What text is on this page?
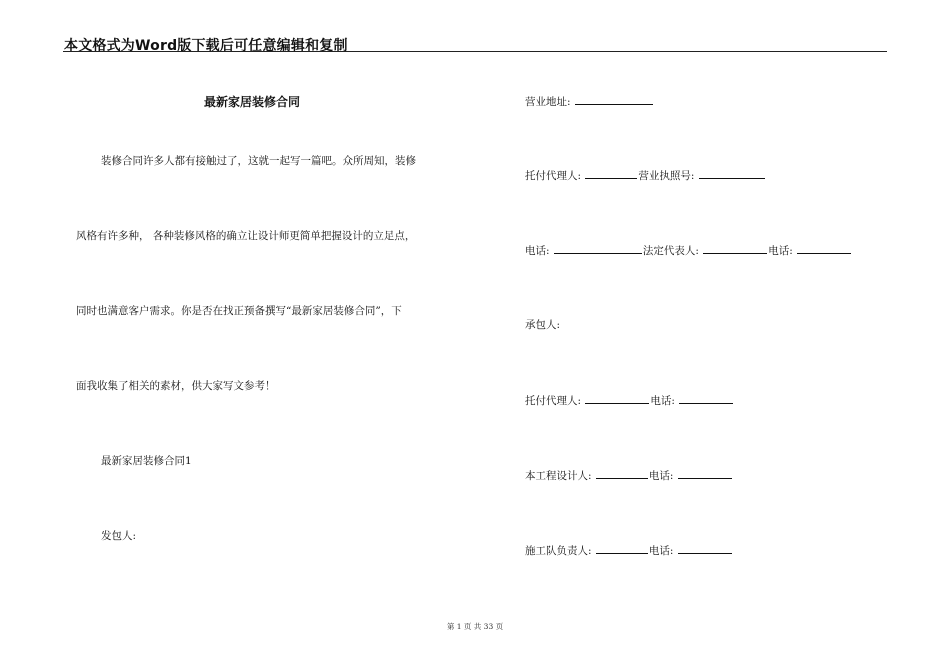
本文格式为Word版下载后可任意编辑和复制
最新家居装修合同
装修合同许多人都有接触过了，这就一起写一篇吧。众所周知，装修
风格有许多种， 各种装修风格的确立让设计师更简单把握设计的立足点，
同时也满意客户需求。你是否在找正预备撰写“最新家居装修合同”，下
面我收集了相关的素材，供大家写文参考！
最新家居装修合同1
发包人:
营业地址:
托付代理人:	营业执照号:
电话:	法定代表人:	电话:
承包人:
托付代理人:	电话:
本工程设计人:	电话:
施工队负责人:	电话:
第 1 页 共 33 页
